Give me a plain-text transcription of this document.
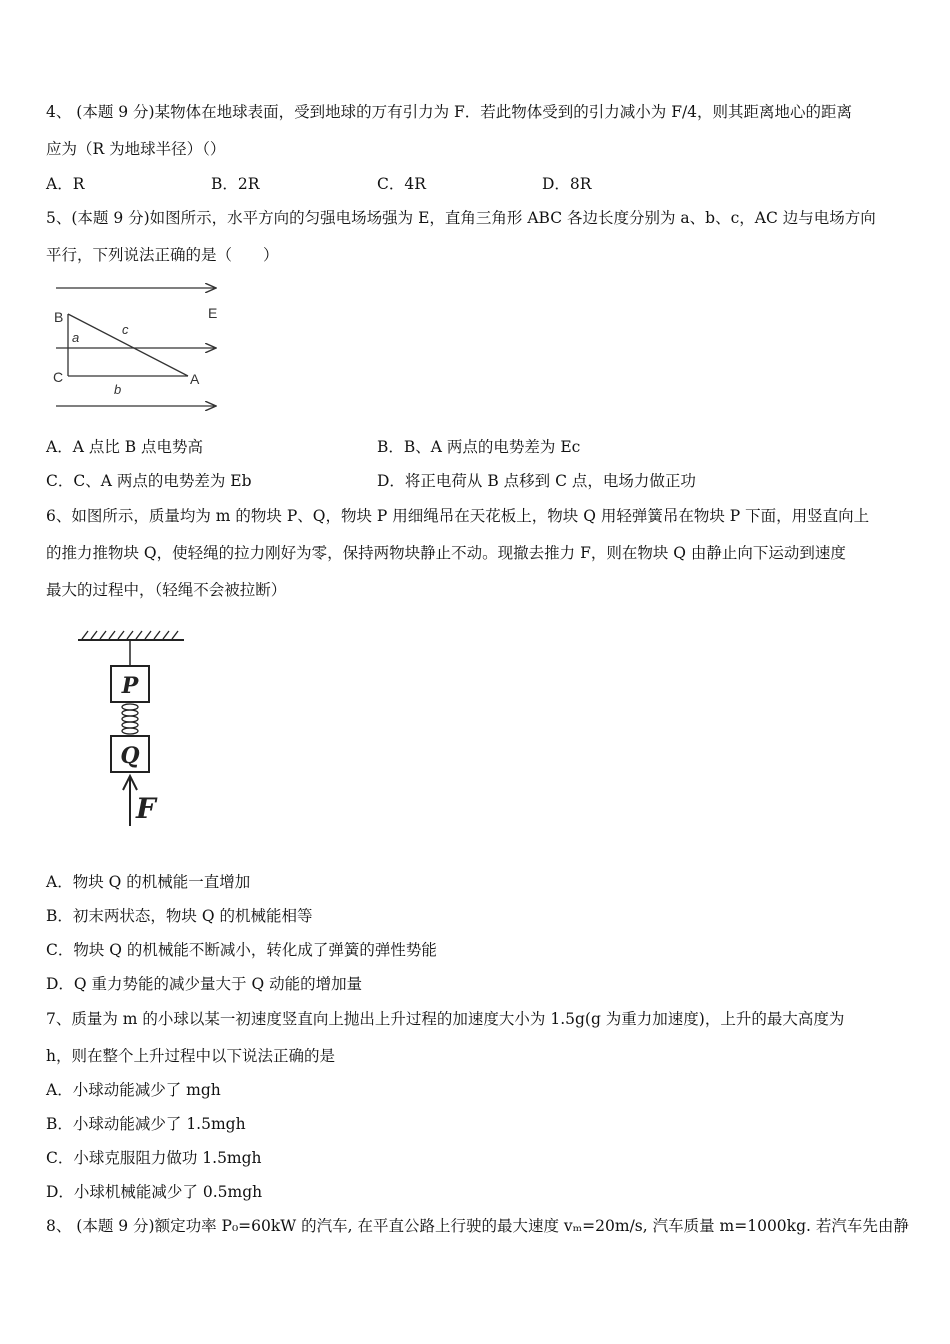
4、 (本题 9 分)某物体在地球表面，受到地球的万有引力为 F．若此物体受到的引力减小为 F/4，则其距离地心的距离
应为（R 为地球半径）（）
A．R	B．2R	C．4R	D．8R
5、(本题 9 分)如图所示，水平方向的匀强电场场强为 E，直角三角形 ABC 各边长度分别为 a、b、c，AC 边与电场方向
平行，下列说法正确的是（　　）
B
C	A
E
a
b
c
A．A 点比 B 点电势高	B．B、A 两点的电势差为 Ec
C．C、A 两点的电势差为 Eb	D．将正电荷从 B 点移到 C 点，电场力做正功
6、如图所示，质量均为 m 的物块 P、Q，物块 P 用细绳吊在天花板上，物块 Q 用轻弹簧吊在物块 P 下面，用竖直向上
的推力推物块 Q，使轻绳的拉力刚好为零，保持两物块静止不动。现撤去推力 F，则在物块 Q 由静止向下运动到速度
最大的过程中，（轻绳不会被拉断）
P
Q
F
A．物块 Q 的机械能一直增加
B．初末两状态，物块 Q 的机械能相等
C．物块 Q 的机械能不断减小，转化成了弹簧的弹性势能
D．Q 重力势能的减少量大于 Q 动能的增加量
7、质量为 m 的小球以某一初速度竖直向上抛出上升过程的加速度大小为 1.5g(g 为重力加速度)，上升的最大高度为
h，则在整个上升过程中以下说法正确的是
A．小球动能减少了 mgh
B．小球动能减少了 1.5mgh
C．小球克服阻力做功 1.5mgh
D．小球机械能减少了 0.5mgh
8、 (本题 9 分)额定功率 P₀=60kW 的汽车, 在平直公路上行驶的最大速度 vₘ=20m/s, 汽车质量 m=1000kg. 若汽车先由静
